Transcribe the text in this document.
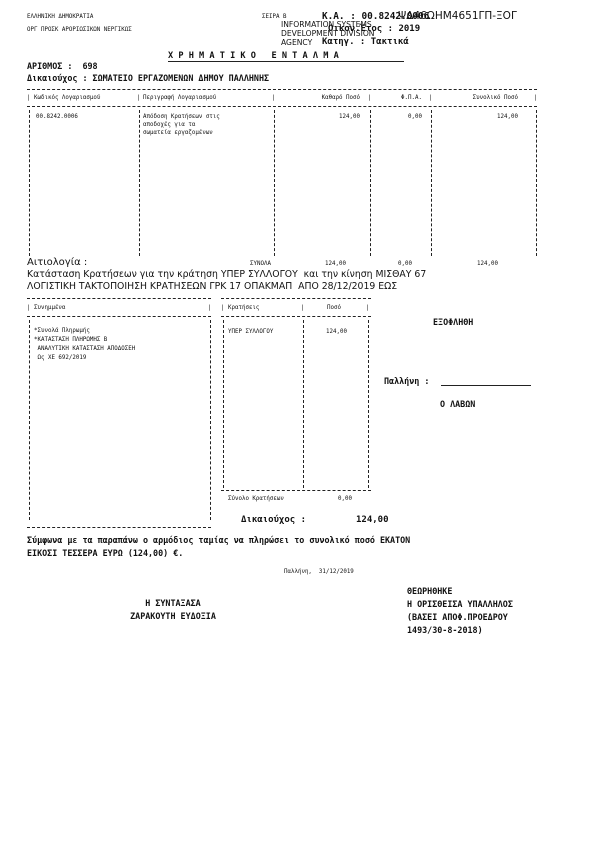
ΕΛΛΗΝΙΚΗ ΔΗΜΟΚΡΑΤΙΑ
ΟΡΓ ΠΡΟΣΚ ΑΡΟΡΙΩΣΙΚΩΝ ΝΕΡΓΙΚΩΣ
ΣΕΙΡΑ Β	Κ.Α. : 00.8242.0006
ΨΔ46ΩΗΜ4651ΓΠ-ΞΟΓ
INFORMATION SYSTEMS
DEVELOPMENT DIVISION
AGENCY
Οικον.Έτος : 2019
Κατηγ. : Τακτικά
Χ Ρ Η Μ Α Τ Ι Κ Ο   Ε Ν Τ Α Λ Μ Α
ΑΡΙΘΜΟΣ :  698
Δικαιούχος : ΣΩΜΑΤΕΙΟ ΕΡΓΑΖΟΜΕΝΩΝ ΔΗΜΟΥ ΠΑΛΛΗΝΗΣ
| Κωδικός Λογαριασμού	| Περιγραφή Λογαριασμού	|	Καθαρό Ποσό |	Φ.Π.Α. |	Συνολικό Ποσό	|
00.8242.0006	Απόδοση Κρατήσεων στις
αποδοχές για τα
σωματεία εργαζομένων
124,00	0,00	124,00
ΣΥΝΟΛΑ	124,00	0,00	124,00
Αιτιολογία :
Κατάσταση Κρατήσεων για την κράτηση ΥΠΕΡ ΣΥΛΛΟΓΟΥ  και την κίνηση ΜΙΣΘΑΥ 67
ΛΟΓΙΣΤΙΚΗ ΤΑΚΤΟΠΟΙΗΣΗ ΚΡΑΤΗΣΕΩΝ ΓΡΚ 17 ΟΠΑΚΜΑΠ  ΑΠΟ 28/12/2019 ΕΩΣ
| Συνημμένα	|
*Συνολά Πληρωμής
*ΚΑΤΑΣΤΑΣΗ ΠΛΗΡΩΜΗΣ Β
ΑΝΑΛΥΤΙΚΗ ΚΑΤΑΣΤΑΣΗ ΑΠΟΔΟΣΕΗ
Ως ΧΕ 692/2019
| Κρατήσεις	|	Ποσό	|
ΥΠΕΡ ΣΥΛΛΟΓΟΥ	124,00
Σύνολο Κρατήσεων	0,00
ΕΞΟΦΛΗΘΗ
Παλλήνη :
Ο ΛΑΒΩΝ
Δικαιούχος :	124,00
Σύμφωνα με τα παραπάνω ο αρμόδιος ταμίας να πληρώσει το συνολικό ποσό ΕΚΑΤΟΝ
ΕΙΚΟΣΙ ΤΕΣΣΕΡΑ ΕΥΡΩ (124,00) €.
Παλλήνη,  31/12/2019
Η ΣΥΝΤΑΞΑΣΑ
ΖΑΡΑΚΟΥΤΗ ΕΥΔΟΞΙΑ
ΘΕΩΡΗΘΗΚΕ
Η ΟΡΙΣΘΕΙΣΑ ΥΠΑΛΛΗΛΟΣ
(ΒΑΣΕΙ ΑΠΟΦ.ΠΡΟΕΔΡΟΥ
1493/30-8-2018)
